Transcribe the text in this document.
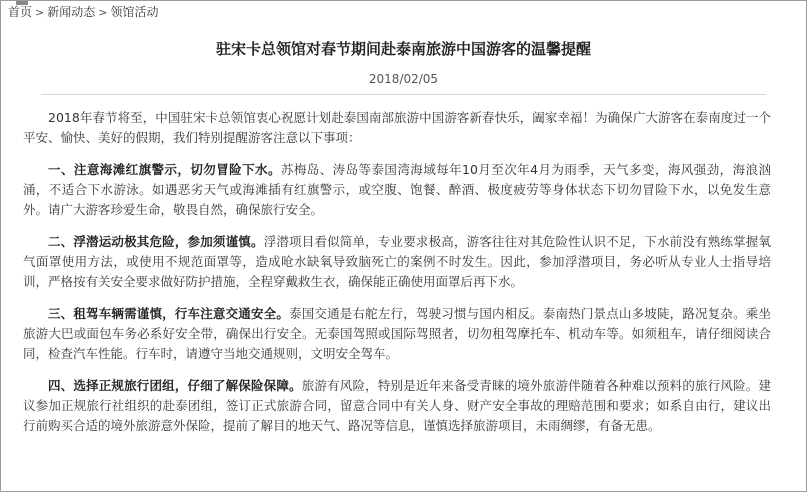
首页 > 新闻动态 > 领馆活动
驻宋卡总领馆对春节期间赴泰南旅游中国游客的温馨提醒
2018/02/05

2018年春节将至，中国驻宋卡总领馆衷心祝愿计划赴泰国南部旅游中国游客新春快乐，阖家幸福！为确保广大游客在泰南度过一个平安、愉快、美好的假期，我们特别提醒游客注意以下事项：

一、注意海滩红旗警示，切勿冒险下水。苏梅岛、涛岛等泰国湾海域每年10月至次年4月为雨季，天气多变，海风强劲，海浪汹涌，不适合下水游泳。如遇恶劣天气或海滩插有红旗警示，或空腹、饱餐、醉酒、极度疲劳等身体状态下切勿冒险下水，以免发生意外。请广大游客珍爱生命，敬畏自然，确保旅行安全。

二、浮潜运动极其危险，参加须谨慎。浮潜项目看似简单，专业要求极高，游客往往对其危险性认识不足，下水前没有熟练掌握氧气面罩使用方法，或使用不规范面罩等，造成呛水缺氧导致脑死亡的案例不时发生。因此，参加浮潜项目，务必听从专业人士指导培训，严格按有关安全要求做好防护措施，全程穿戴救生衣，确保能正确使用面罩后再下水。

三、租驾车辆需谨慎，行车注意交通安全。泰国交通是右舵左行，驾驶习惯与国内相反。泰南热门景点山多坡陡，路况复杂。乘坐旅游大巴或面包车务必系好安全带，确保出行安全。无泰国驾照或国际驾照者，切勿租驾摩托车、机动车等。如须租车，请仔细阅读合同，检查汽车性能。行车时，请遵守当地交通规则，文明安全驾车。

四、选择正规旅行团组，仔细了解保险保障。旅游有风险，特别是近年来备受青睐的境外旅游伴随着各种难以预料的旅行风险。建议参加正规旅行社组织的赴泰团组，签订正式旅游合同，留意合同中有关人身、财产安全事故的理赔范围和要求；如系自由行，建议出行前购买合适的境外旅游意外保险，提前了解目的地天气、路况等信息，谨慎选择旅游项目，未雨绸缪，有备无患。
